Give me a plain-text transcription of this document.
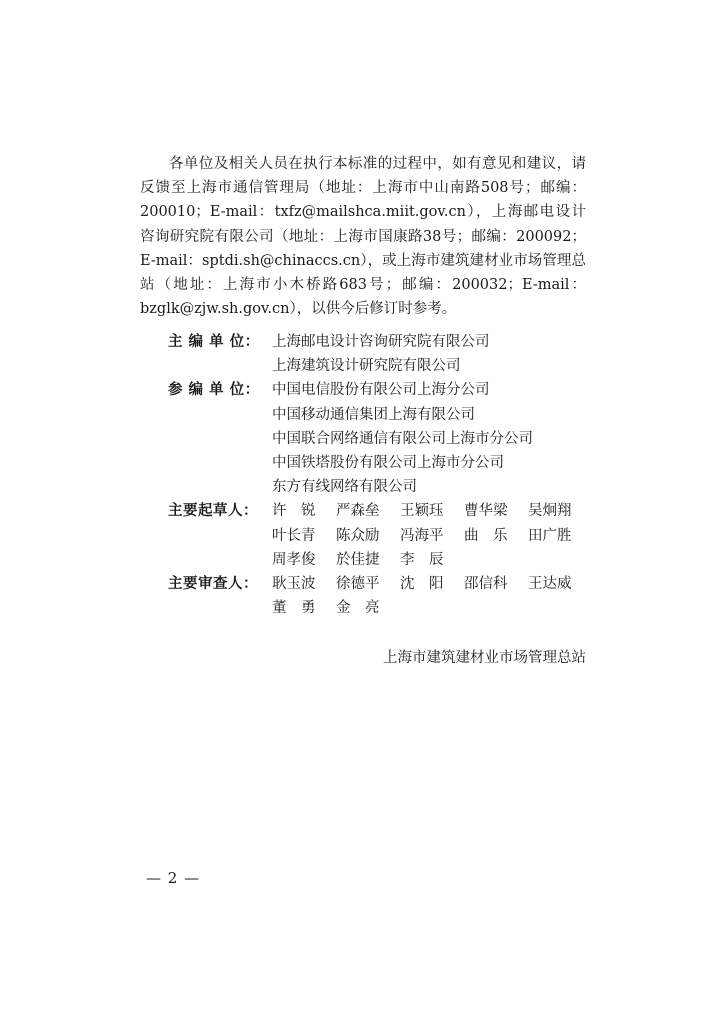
各单位及相关人员在执行本标准的过程中，如有意见和建议，请反馈至上海市通信管理局（地址：上海市中山南路508号；邮编：200010；E-mail：txfz@mailshca.miit.gov.cn），上海邮电设计咨询研究院有限公司（地址：上海市国康路38号；邮编：200092；E-mail：sptdi.sh@chinaccs.cn），或上海市建筑建材业市场管理总站（地址：上海市小木桥路683号；邮编：200032；E-mail：bzglk@zjw.sh.gov.cn），以供今后修订时参考。

主 编 单 位： 上海邮电设计咨询研究院有限公司
上海建筑设计研究院有限公司
参 编 单 位： 中国电信股份有限公司上海分公司
中国移动通信集团上海有限公司
中国联合网络通信有限公司上海市分公司
中国铁塔股份有限公司上海市分公司
东方有线网络有限公司
主要起草人： 许　锐	严森垒	王颖珏	曹华梁	吴炯翔
叶长青	陈众励	冯海平	曲　乐	田广胜
周孝俊	於佳捷	李　辰
主要审查人： 耿玉波	徐德平	沈　阳	邵信科	王达威
董　勇	金　亮
上海市建筑建材业市场管理总站
— 2 —
